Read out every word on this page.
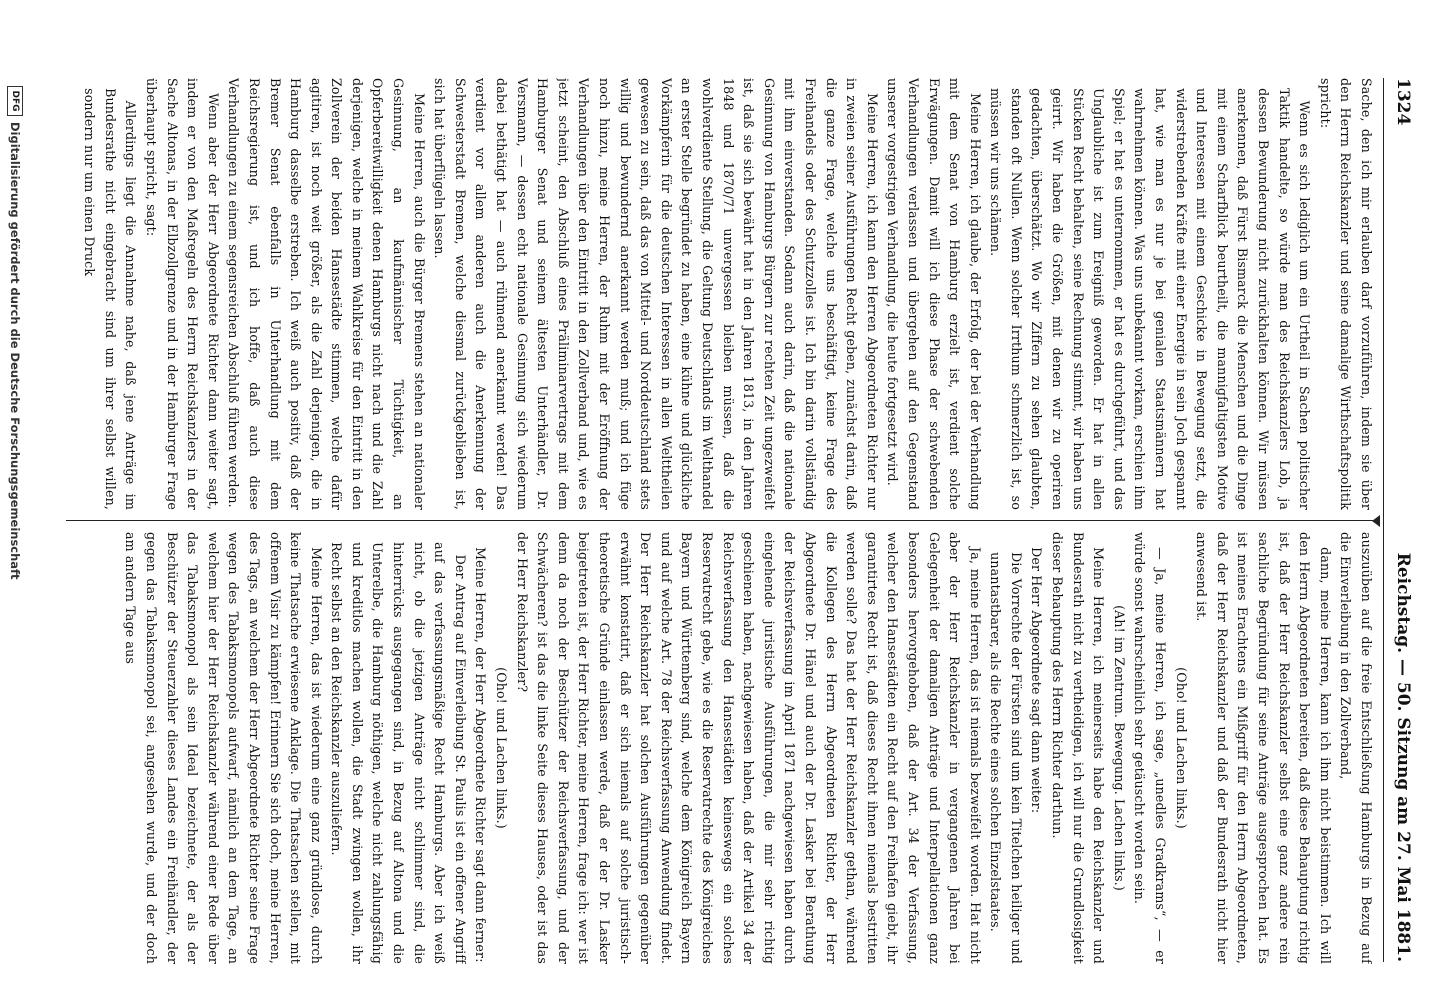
1324
Reichstag. — 50. Sitzung am 27. Mai 1881.

Sache, den ich mir erlauben darf vorzuführen, indem sie über den Herrn Reichskanzler und seine damalige Wirthschaftspolitik spricht:

Wenn es sich lediglich um ein Urtheil in Sachen politischer Taktik handelte, so würde man des Reichskanzlers Lob, ja dessen Bewunderung nicht zurückhalten können. Wir müssen anerkennen, daß Fürst Bismarck die Menschen und die Dinge mit einem Scharfblick beurtheilt, die mannigfaltigsten Motive und Interessen mit einem Geschicke in Bewegung setzt, die widerstrebenden Kräfte mit einer Energie in sein Joch gespannt hat, wie man es nur je bei genialen Staatsmännern hat wahrnehmen können. Was uns unbekannt vorkam, erschien ihm Spiel; er hat es unternommen, er hat es durchgeführt, und das Unglaubliche ist zum Ereigniß geworden. Er hat in allen Stücken Recht behalten, seine Rechnung stimmt, wir haben uns geirrt. Wir haben die Größen, mit denen wir zu operiren gedachten, überschätzt. Wo wir Ziffern zu sehen glaubten, standen oft Nullen. Wenn solcher Irrthum schmerzlich ist, so müssen wir uns schämen.

Meine Herren, ich glaube, der Erfolg, der bei der Verhandlung mit dem Senat von Hamburg erzielt ist, verdient solche Erwägungen. Damit will ich diese Phase der schwebenden Verhandlungen verlassen und übergehen auf den Gegenstand unserer vorgestrigen Verhandlung, die heute fortgesetzt wird.

Meine Herren, ich kann den Herren Abgeordneten Richter nur in zweien seiner Ausführungen Recht geben, zunächst darin, daß die ganze Frage, welche uns beschäftigt, keine Frage des Freihandels oder des Schutzzolles ist. Ich bin darin vollständig mit ihm einverstanden. Sodann auch darin, daß die nationale Gesinnung von Hamburgs Bürgern zur rechten Zeit ungezweifelt ist, daß sie sich bewährt hat in den Jahren 1813, in den Jahren 1848 und 1870/71 unvergessen bleiben müssen, daß die wohlverdiente Stellung, die Geltung Deutschlands im Welthandel an erster Stelle begründet zu haben, eine kühne und glückliche Vorkämpferin für die deutschen Interessen in allen Welttheilen gewesen zu sein, daß das von Mittel- und Norddeutschland stets willig und bewundernd anerkannt werden muß; und ich füge noch hinzu, meine Herren, der Ruhm mit der Eröffnung der Verhandlungen über den Eintritt in den Zollverband und, wie es jetzt scheint, den Abschluß eines Präliminarvertrags mit dem Hamburger Senat und seinem ältesten Unterhändler, Dr. Versmann, — dessen echt nationale Gesinnung sich wiederum dabei bethätigt hat — auch rühmend anerkannt werden! Das verdient vor allem anderen auch die Anerkennung der Schwesterstadt Bremen, welche diesmal zurückgeblieben ist, sich hat überflügeln lassen.

Meine Herren, auch die Bürger Bremens stehen an nationaler Gesinnung, an kaufmännischer Tüchtigkeit, an Opferbereitwilligkeit denen Hamburgs nicht nach und die Zahl derjenigen, welche in meinem Wahlkreise für den Eintritt in den Zollverein der beiden Hansestädte stimmen, welche dafür agitiren, ist noch weit größer, als die Zahl derjenigen, die in Hamburg dasselbe erstreben. Ich weiß auch positiv, daß der Bremer Senat ebenfalls in Unterhandlung mit dem Reichsregierung ist, und ich hoffe, daß auch diese Verhandlungen zu einem segensreichen Abschluß führen werden.

Wenn aber der Herr Abgeordnete Richter dann weiter sagt, indem er von den Maßregeln des Herrn Reichskanzlers in der Sache Altonas, in der Elbzollgrenze und in der Hamburger Frage überhaupt spricht, sagt:

Allerdings liegt die Annahme nahe, daß jene Anträge im Bundesrathe nicht eingebracht sind um ihrer selbst willen, sondern nur um einen Druck

auszuüben auf die freie Entschließung Hamburgs in Bezug auf die Einverleibung in den Zollverband,

dann, meine Herren, kann ich ihm nicht beistimmen. Ich will den Herrn Abgeordneten bereiten, daß diese Behauptung richtig ist, daß der Herr Reichskanzler selbst eine ganz andere rein sachliche Begründung für seine Anträge ausgesprochen hat. Es ist meines Erachtens ein Mißgriff für den Herrn Abgeordneten, daß der Herr Reichskanzler und daß der Bundesrath nicht hier anwesend ist.

(Oho! und Lachen links.)

— Ja, meine Herren, ich sage, „unedles Gradkrams“, — er würde sonst wahrscheinlich sehr getäuscht worden sein.

(Ah! im Zentrum. Bewegung. Lachen links.)

Meine Herren, ich meinerseits habe den Reichskanzler und Bundesrath nicht zu vertheidigen, ich will nur die Grundlosigkeit dieser Behauptung des Herrn Richter darthun.

Der Herr Abgeordnete sagt dann weiter:

Die Vorrechte der Fürsten sind um kein Titelchen heiliger und unantastbarer, als die Rechte eines solchen Einzelstaates.

Ja, meine Herren, das ist niemals bezweifelt worden. Hat nicht aber der Herr Reichskanzler in vergangenen Jahren bei Gelegenheit der damaligen Anträge und Interpellationen ganz besonders hervorgehoben, daß der Art. 34 der Verfassung, welcher den Hansestädten ein Recht auf den Freihafen giebt, ihr garantirtes Recht ist, daß dieses Recht ihnen niemals bestritten werden solle? Das hat der Herr Reichskanzler gethan, während die Kollegen des Herrn Abgeordneten Richter, der Herr Abgeordnete Dr. Hänel und auch der Dr. Lasker bei Berathung der Reichsverfassung im April 1871 nachgewiesen haben durch eingehende juristische Ausführungen, die mir sehr richtig geschienen haben, nachgewiesen haben, daß der Artikel 34 der Reichsverfassung den Hansestädten keineswegs ein solches Reservatrecht gebe, wie es die Reservatrechte des Königreiches Bayern und Württemberg sind, welche dem Königreich Bayern und auf welche Art. 78 der Reichsverfassung Anwendung findet. Der Herr Reichskanzler hat solchen Ausführungen gegenüber erwähnt konstatirt, daß er sich niemals auf solche juristisch-theoretische Gründe einlassen werde, daß er der Dr. Lasker beigetreten ist, der Herr Richter, meine Herren, frage ich: wer ist denn da noch der Beschützer der Reichsverfassung, und der Schwächeren? ist das die linke Seite dieses Hauses, oder ist das der Herr Reichskanzler?

(Oho! und Lachen links.)

Meine Herren, der Herr Abgeordnete Richter sagt dann ferner:

Der Antrag auf Einverleibung St. Paulis ist ein offener Angriff auf das verfassungsmäßige Recht Hamburgs. Aber ich weiß nicht, ob die jetzigen Anträge nicht schlimmer sind, die hinterrücks ausgegangen sind, in Bezug auf Altona und die Unterelbe, die Hamburg nöthigen, welche nicht zahlungsfähig und kreditlos machen wollen, die Stadt zwingen wollen, ihr Recht selbst an den Reichskanzler auszuliefern.

Meine Herren, das ist wiederum eine ganz gründlose, durch keine Thatsache erwiesene Anklage. Die Thatsachen stellen, mit offenem Visir zu kämpfen! Erinnern Sie sich doch, meine Herren, des Tags, an welchem der Herr Abgeordnete Richter seine Frage wegen des Tabaksmonopols aufwarf, nämlich an dem Tage, an welchem hier der Herr Reichskanzler während einer Rede über das Tabaksmonopol als sein Ideal bezeichnete, der als der Beschützer der Steuerzahler dieses Landes ein Freihändler, der gegen das Tabaksmonopol sei, angesehen wurde, und der doch am andern Tage aus

DFG
Digitalisierung gefördert durch die Deutsche Forschungsgemeinschaft
